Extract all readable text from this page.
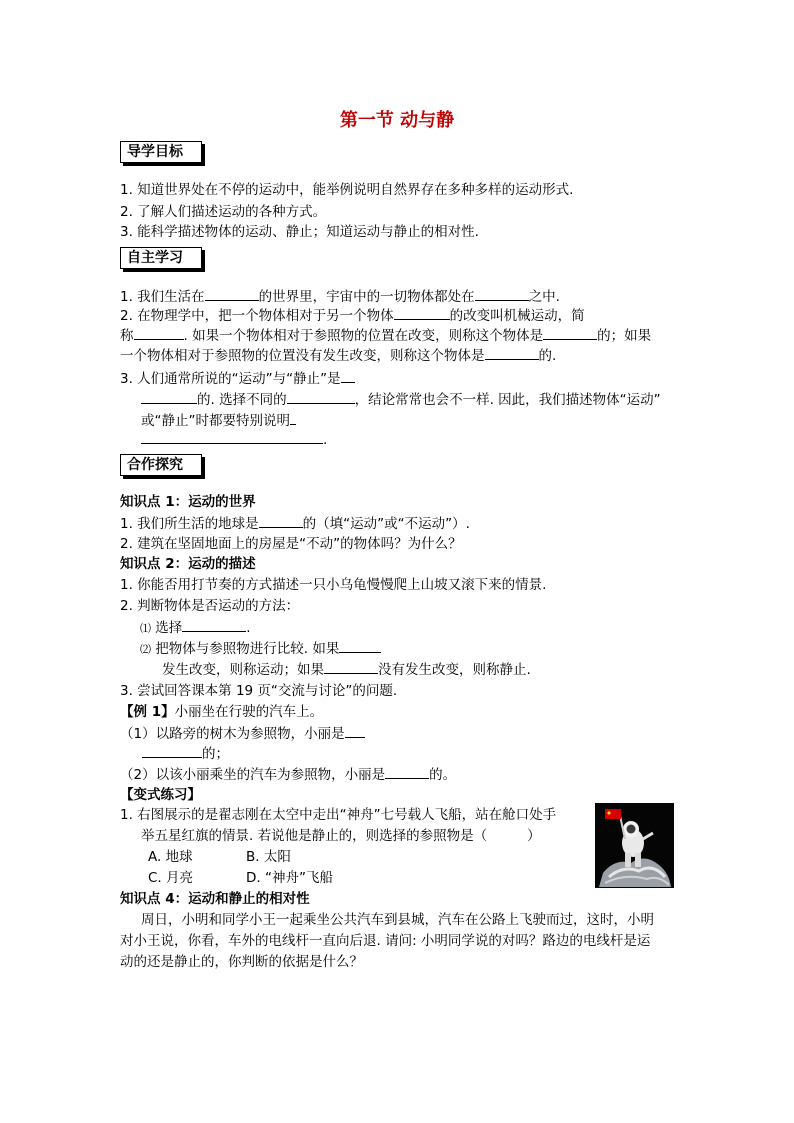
第一节 动与静
导学目标
1. 知道世界处在不停的运动中，能举例说明自然界存在多种多样的运动形式.
2. 了解人们描述运动的各种方式。
3. 能科学描述物体的运动、静止；知道运动与静止的相对性.
自主学习
1. 我们生活在	的世界里，宇宙中的一切物体都处在	之中.
2. 在物理学中，把一个物体相对于另一个物体	的改变叫机械运动，简
称	. 如果一个物体相对于参照物的位置在改变，则称这个物体是	的；如果
一个物体相对于参照物的位置没有发生改变，则称这个物体是	的.
3. 人们通常所说的“运动”与“静止”是
的. 选择不同的	，结论常常也会不一样. 因此，我们描述物体“运动”
或“静止”时都要特别说明
.
合作探究
知识点 1：运动的世界
1. 我们所生活的地球是	的（填“运动”或“不运动”）.
2. 建筑在坚固地面上的房屋是“不动”的物体吗？为什么？
知识点 2：运动的描述
1. 你能否用打节奏的方式描述一只小乌龟慢慢爬上山坡又滚下来的情景.
2. 判断物体是否运动的方法：
⑴ 选择	.
⑵ 把物体与参照物进行比较. 如果
发生改变，则称运动；如果	没有发生改变，则称静止.
3. 尝试回答课本第 19 页“交流与讨论”的问题.
【例 1】小丽坐在行驶的汽车上。
（1）以路旁的树木为参照物，小丽是
的；
（2）以该小丽乘坐的汽车为参照物，小丽是	的。
【变式练习】
1. 右图展示的是翟志刚在太空中走出“神舟”七号载人飞船，站在舱口处手
举五星红旗的情景. 若说他是静止的，则选择的参照物是（	）
A. 地球	B. 太阳
C. 月亮	D. “神舟”飞船
知识点 4：运动和静止的相对性
周日，小明和同学小王一起乘坐公共汽车到县城，汽车在公路上飞驶而过，这时，小明
对小王说，你看，车外的电线杆一直向后退. 请问: 小明同学说的对吗？路边的电线杆是运
动的还是静止的，你判断的依据是什么？
